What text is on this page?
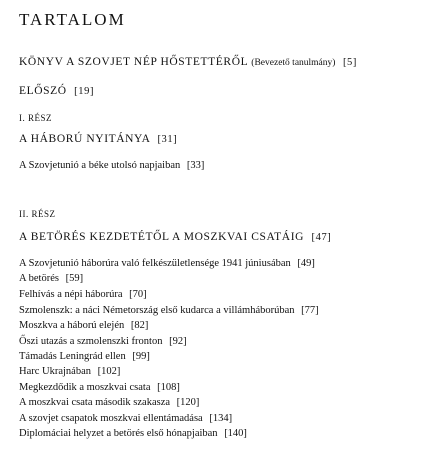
TARTALOM
KÖNYV A SZOVJET NÉP HŐSTETTÉRŐL (Bevezető tanulmány) [5]
ELŐSZÓ [19]
I. RÉSZ
A HÁBORÚ NYITÁNYA [31]
A Szovjetunió a béke utolsó napjaiban [33]
II. RÉSZ
A BETÖRÉS KEZDETÉTŐL A MOSZKVAI CSATÁIG [47]
A Szovjetunió háborúra való felkészületlensége 1941 júniusában [49]
A betörés [59]
Felhívás a népi háborúra [70]
Szmolenszk: a náci Németország első kudarca a villámháborúban [77]
Moszkva a háború elején [82]
Őszi utazás a szmolenszki fronton [92]
Támadás Leningrád ellen [99]
Harc Ukrajnában [102]
Megkezdődik a moszkvai csata [108]
A moszkvai csata második szakasza [120]
A szovjet csapatok moszkvai ellentámadása [134]
Diplomáciai helyzet a betörés első hónapjaiban [140]
